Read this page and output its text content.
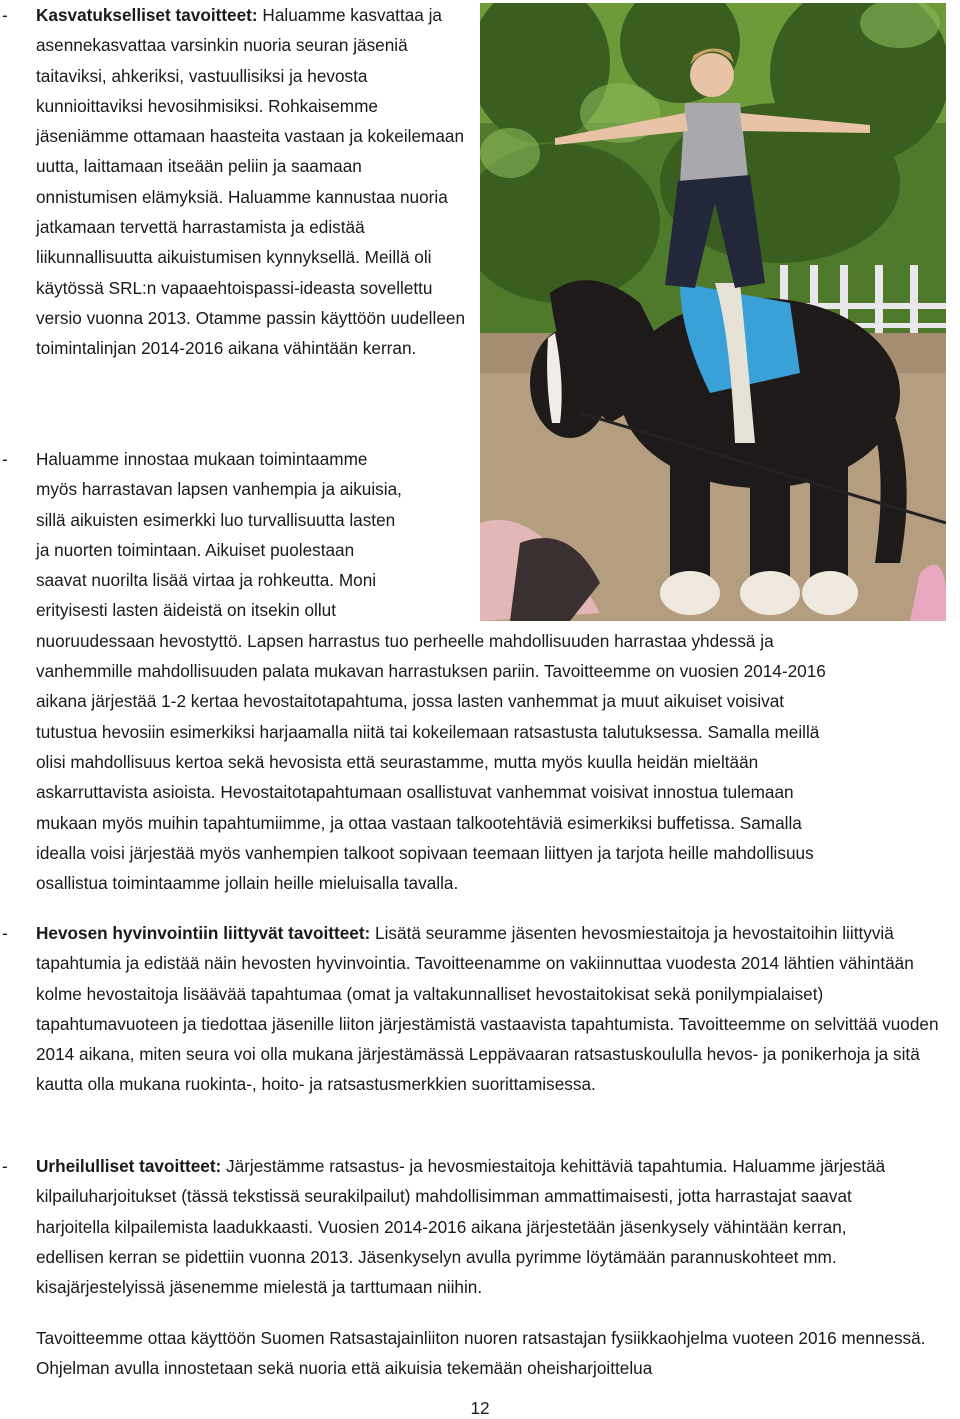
- Kasvatukselliset tavoitteet: Haluamme kasvattaa ja asennekasvattaa varsinkin nuoria seuran jäseniä taitaviksi, ahkeriksi, vastuullisiksi ja hevosta kunnioittaviksi hevosihmisiksi. Rohkaisemme jäseniämme ottamaan haasteita vastaan ja kokeilemaan uutta, laittamaan itseään peliin ja saamaan onnistumisen elämyksiä. Haluamme kannustaa nuoria jatkamaan tervettä harrastamista ja edistää liikunnallisuutta aikuistumisen kynnyksellä. Meillä oli käytössä SRL:n vapaaehtoispassi-ideasta sovellettu versio vuonna 2013. Otamme passin käyttöön uudelleen toimintalinjan 2014-2016 aikana vähintään kerran.
- Haluamme innostaa mukaan toimintaamme
myös harrastavan lapsen vanhempia ja aikuisia,
sillä aikuisten esimerkki luo turvallisuutta lasten
ja nuorten toimintaan. Aikuiset puolestaan
saavat nuorilta lisää virtaa ja rohkeutta. Moni
erityisesti lasten äideistä on itsekin ollut
nuoruudessaan hevostyttö. Lapsen harrastus tuo perheelle mahdollisuuden harrastaa yhdessä ja
vanhemmille mahdollisuuden palata mukavan harrastuksen pariin. Tavoitteemme on vuosien 2014-2016
aikana järjestää 1-2 kertaa hevostaitotapahtuma, jossa lasten vanhemmat ja muut aikuiset voisivat
tutustua hevosiin esimerkiksi harjaamalla niitä tai kokeilemaan ratsastusta talutuksessa. Samalla meillä
olisi mahdollisuus kertoa sekä hevosista että seurastamme, mutta myös kuulla heidän mieltään
askarruttavista asioista. Hevostaitotapahtumaan osallistuvat vanhemmat voisivat innostua tulemaan
mukaan myös muihin tapahtumiimme, ja ottaa vastaan talkootehtäviä esimerkiksi buffetissa. Samalla
idealla voisi järjestää myös vanhempien talkoot sopivaan teemaan liittyen ja tarjota heille mahdollisuus
osallistua toimintaamme jollain heille mieluisalla tavalla.
- Hevosen hyvinvointiin liittyvät tavoitteet: Lisätä seuramme jäsenten hevosmiestaitoja ja hevostaitoihin liittyviä tapahtumia ja edistää näin hevosten hyvinvointia. Tavoitteenamme on vakiinnuttaa vuodesta 2014 lähtien vähintään kolme hevostaitoja lisäävää tapahtumaa (omat ja valtakunnalliset hevostaitokisat sekä ponilympialaiset) tapahtumavuoteen ja tiedottaa jäsenille liiton järjestämistä vastaavista tapahtumista. Tavoitteemme on selvittää vuoden 2014 aikana, miten seura voi olla mukana järjestämässä Leppävaaran ratsastuskoululla hevos- ja ponikerhoja ja sitä kautta olla mukana ruokinta-, hoito- ja ratsastusmerkkien suorittamisessa.
- Urheilulliset tavoitteet: Järjestämme ratsastus- ja hevosmiestaitoja kehittäviä tapahtumia. Haluamme järjestää kilpailuharjoitukset (tässä tekstissä seurakilpailut) mahdollisimman ammattimaisesti, jotta harrastajat saavat harjoitella kilpailemista laadukkaasti. Vuosien 2014-2016 aikana järjestetään jäsenkysely vähintään kerran, edellisen kerran se pidettiin vuonna 2013. Jäsenkyselyn avulla pyrimme löytämään parannuskohteet mm. kisajärjestelyissä jäsenemme mielestä ja tarttumaan niihin.
Tavoitteemme ottaa käyttöön Suomen Ratsastajainliiton nuoren ratsastajan fysiikkaohjelma vuoteen 2016 mennessä. Ohjelman avulla innostetaan sekä nuoria että aikuisia tekemään oheisharjoittelua
12
